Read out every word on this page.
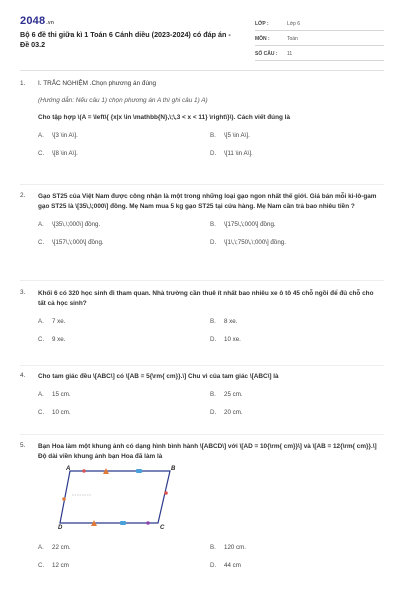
2048.vn
Bộ 6 đề thi giữa kì 1 Toán 6 Cánh diều (2023-2024) có đáp án - Đề 03.2
LỚP :	Lớp 6
MÔN :	Toán
SỐ CÂU :	11
1. I. TRẮC NGHIỆM .Chọn phương án đúng
(Hướng dẫn: Nếu câu 1) chọn phương án A thì ghi câu 1) A)
Cho tập hợp \(A = \left\{ {x|x \in \mathbb{N},\;\,3 < x < 11} \right\}\). Cách viết đúng là
A. \[3 \in A\].	B. \[5 \in A\].
C. \[8 \in A\].	D. \[11 \in A\].
2. Gạo ST25 của Việt Nam được công nhận là một trong những loại gạo ngon nhất thế giới. Giá bán mỗi ki-lô-gam gạo ST25 là \[35\,\;000\] đồng. Mẹ Nam mua 5 kg gạo ST25 tại cửa hàng. Mẹ Nam cần trả bao nhiêu tiền ?
A. \[35\,\;000\] đồng.	B. \[175\,\;000\] đồng.
C. \[157\,\;000\] đồng.	D. \[1\,\;750\,\;000\] đồng.
3. Khối 6 có 320 học sinh đi tham quan. Nhà trường cần thuê ít nhất bao nhiêu xe ô tô 45 chỗ ngồi để đủ chỗ cho tất cả học sinh?
A. 7 xe.	B. 8 xe.
C. 9 xe.	D. 10 xe.
4. Cho tam giác đều \[ABC\] có \[AB = 5{\rm{ cm}}.\] Chu vi của tam giác \[ABC\] là
A. 15 cm.	B. 25 cm.
C. 10 cm.	D. 20 cm.
5. Bạn Hoa làm một khung ảnh có dạng hình bình hành \[ABCD\] với \[AD = 10{\rm{ cm}}\] và \[AB = 12{\rm{ cm}}.\] Độ dài viền khung ảnh bạn Hoa đã làm là
A	B
C
D
A. 22 cm.	B. 120 cm.
C. 12 cm	D. 44 cm
